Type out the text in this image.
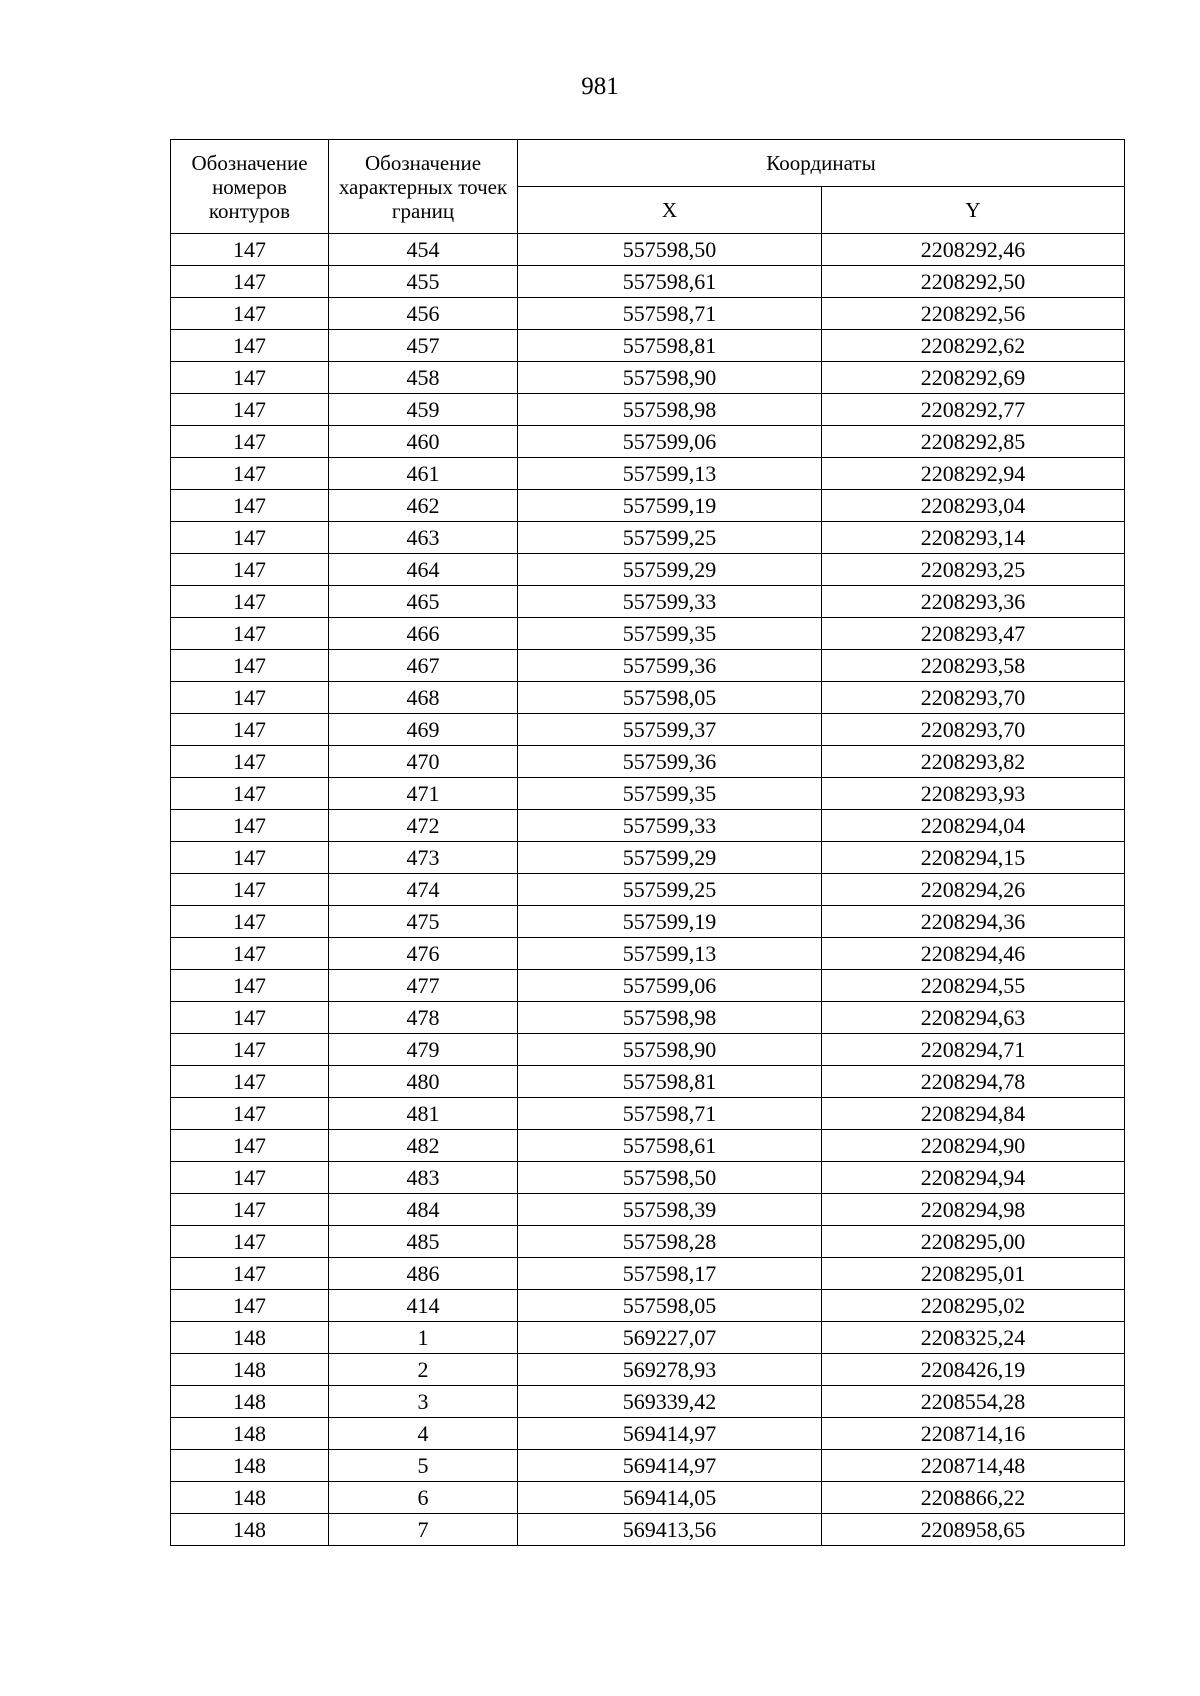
981
Обозначение номеров контуров	Обозначение характерных точек границ	Координаты	
		X	Y
147	454	557598,50	2208292,46
147	455	557598,61	2208292,50
147	456	557598,71	2208292,56
147	457	557598,81	2208292,62
147	458	557598,90	2208292,69
147	459	557598,98	2208292,77
147	460	557599,06	2208292,85
147	461	557599,13	2208292,94
147	462	557599,19	2208293,04
147	463	557599,25	2208293,14
147	464	557599,29	2208293,25
147	465	557599,33	2208293,36
147	466	557599,35	2208293,47
147	467	557599,36	2208293,58
147	468	557598,05	2208293,70
147	469	557599,37	2208293,70
147	470	557599,36	2208293,82
147	471	557599,35	2208293,93
147	472	557599,33	2208294,04
147	473	557599,29	2208294,15
147	474	557599,25	2208294,26
147	475	557599,19	2208294,36
147	476	557599,13	2208294,46
147	477	557599,06	2208294,55
147	478	557598,98	2208294,63
147	479	557598,90	2208294,71
147	480	557598,81	2208294,78
147	481	557598,71	2208294,84
147	482	557598,61	2208294,90
147	483	557598,50	2208294,94
147	484	557598,39	2208294,98
147	485	557598,28	2208295,00
147	486	557598,17	2208295,01
147	414	557598,05	2208295,02
148	1	569227,07	2208325,24
148	2	569278,93	2208426,19
148	3	569339,42	2208554,28
148	4	569414,97	2208714,16
148	5	569414,97	2208714,48
148	6	569414,05	2208866,22
148	7	569413,56	2208958,65
